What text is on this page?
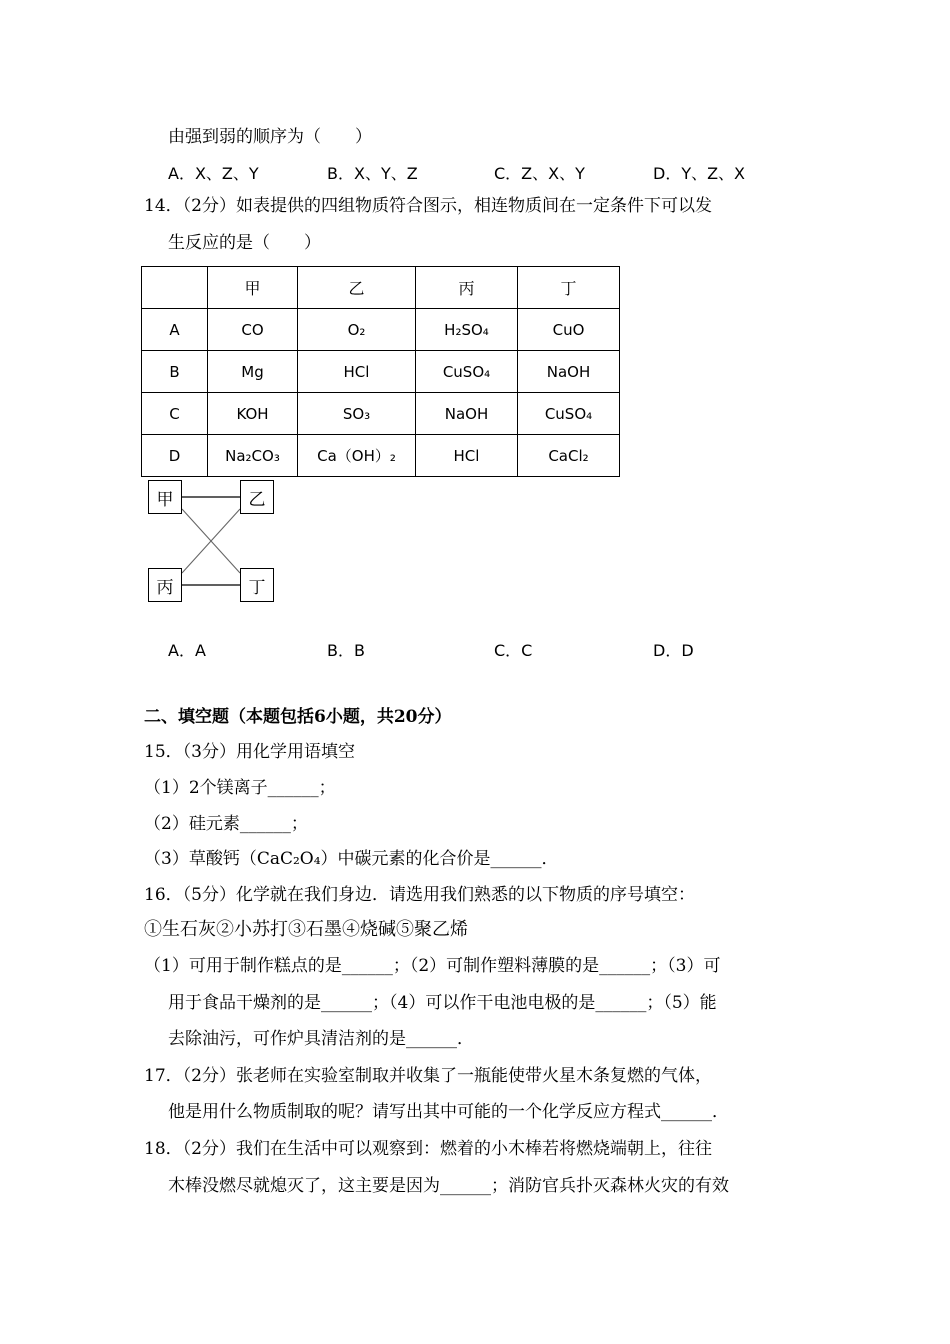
由强到弱的顺序为（　　）
A．X、Z、Y	B．X、Y、Z	C．Z、X、Y	D．Y、Z、X
14．（2分）如表提供的四组物质符合图示，相连物质间在一定条件下可以发
生反应的是（　　）
	甲	乙	丙	丁
A	CO	O₂	H₂SO₄	CuO
B	Mg	HCl	CuSO₄	NaOH
C	KOH	SO₃	NaOH	CuSO₄
D	Na₂CO₃	Ca（OH）₂	HCl	CaCl₂
甲	乙
丙	丁
A．A	B．B	C．C	D．D
二、填空题（本题包括6小题，共20分）
15．（3分）用化学用语填空
（1）2个镁离子______；
（2）硅元素______；
（3）草酸钙（CaC₂O₄）中碳元素的化合价是______．
16．（5分）化学就在我们身边．请选用我们熟悉的以下物质的序号填空：
①生石灰②小苏打③石墨④烧碱⑤聚乙烯
（1）可用于制作糕点的是______；（2）可制作塑料薄膜的是______；（3）可
用于食品干燥剂的是______；（4）可以作干电池电极的是______；（5）能
去除油污，可作炉具清洁剂的是______．
17．（2分）张老师在实验室制取并收集了一瓶能使带火星木条复燃的气体，
他是用什么物质制取的呢？请写出其中可能的一个化学反应方程式______．
18．（2分）我们在生活中可以观察到：燃着的小木棒若将燃烧端朝上，往往
木棒没燃尽就熄灭了，这主要是因为______；消防官兵扑灭森林火灾的有效
